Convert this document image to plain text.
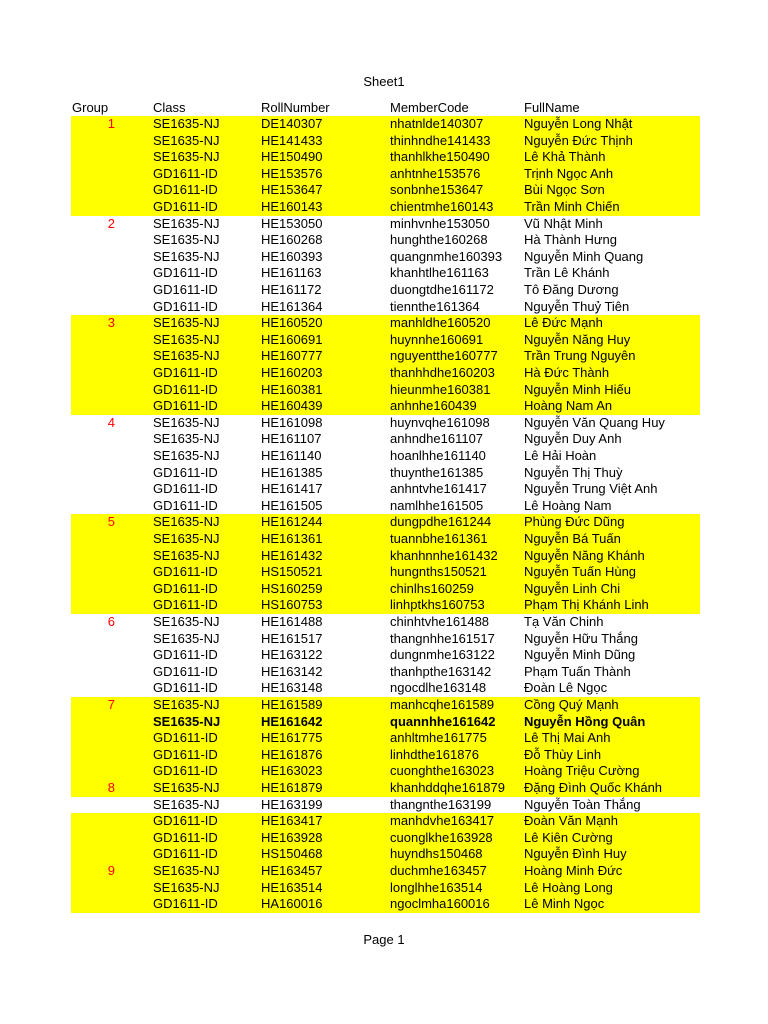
Sheet1
Group	Class	RollNumber	MemberCode	FullName
1	SE1635-NJ	DE140307	nhatnlde140307	Nguyễn Long Nhật
SE1635-NJ	HE141433	thinhndhe141433	Nguyễn Đức Thịnh
SE1635-NJ	HE150490	thanhlkhe150490	Lê Khả Thành
GD1611-ID	HE153576	anhtnhe153576	Trịnh Ngọc Anh
GD1611-ID	HE153647	sonbnhe153647	Bùi Ngọc Sơn
GD1611-ID	HE160143	chientmhe160143 Trần Minh Chiến
2	SE1635-NJ	HE153050	minhvnhe153050	Vũ Nhật Minh
SE1635-NJ	HE160268	hunghthe160268	Hà Thành Hưng
SE1635-NJ	HE160393	quangnmhe160393 Nguyễn Minh Quang
GD1611-ID	HE161163	khanhtlhe161163	Trần Lê Khánh
GD1611-ID	HE161172	duongtdhe161172 Tô Đăng Dương
GD1611-ID	HE161364	tiennthe161364	Nguyễn Thuỷ Tiên
3	SE1635-NJ	HE160520	manhldhe160520	Lê Đức Mạnh
SE1635-NJ	HE160691	huynnhe160691	Nguyễn Năng Huy
SE1635-NJ	HE160777	nguyentthe160777 Trần Trung Nguyên
GD1611-ID	HE160203	thanhhdhe160203 Hà Đức Thành
GD1611-ID	HE160381	hieunmhe160381	Nguyễn Minh Hiếu
GD1611-ID	HE160439	anhnhe160439	Hoàng Nam An
4	SE1635-NJ	HE161098	huynvqhe161098	Nguyễn Văn Quang Huy
SE1635-NJ	HE161107	anhndhe161107	Nguyễn Duy Anh
SE1635-NJ	HE161140	hoanlhhe161140	Lê Hải Hoàn
GD1611-ID	HE161385	thuynthe161385	Nguyễn Thị Thuỳ
GD1611-ID	HE161417	anhntvhe161417	Nguyễn Trung Việt Anh
GD1611-ID	HE161505	namlhhe161505	Lê Hoàng Nam
5	SE1635-NJ	HE161244	dungpdhe161244	Phùng Đức Dũng
SE1635-NJ	HE161361	tuannbhe161361	Nguyễn Bá Tuấn
SE1635-NJ	HE161432	khanhnnhe161432 Nguyễn Năng Khánh
GD1611-ID	HS150521	hungnths150521	Nguyễn Tuấn Hùng
GD1611-ID	HS160259	chinlhs160259	Nguyễn Linh Chi
GD1611-ID	HS160753	linhptkhs160753	Phạm Thị Khánh Linh
6	SE1635-NJ	HE161488	chinhtvhe161488	Tạ Văn Chinh
SE1635-NJ	HE161517	thangnhhe161517 Nguyễn Hữu Thắng
GD1611-ID	HE163122	dungnmhe163122 Nguyễn Minh Dũng
GD1611-ID	HE163142	thanhpthe163142	Phạm Tuấn Thành
GD1611-ID	HE163148	ngocdlhe163148	Đoàn Lê Ngọc
7	SE1635-NJ	HE161589	manhcqhe161589 Cồng Quý Mạnh
SE1635-NJ	HE161642	quannhhe161642 Nguyễn Hồng Quân
GD1611-ID	HE161775	anhltmhe161775	Lê Thị Mai Anh
GD1611-ID	HE161876	linhdthe161876	Đỗ Thùy Linh
GD1611-ID	HE163023	cuonghthe163023 Hoàng Triệu Cường
8	SE1635-NJ	HE161879	khanhddqhe161879 Đặng Đình Quốc Khánh
SE1635-NJ	HE163199	thangnthe163199	Nguyễn Toàn Thắng
GD1611-ID	HE163417	manhdvhe163417 Đoàn Văn Mạnh
GD1611-ID	HE163928	cuonglkhe163928 Lê Kiên Cường
GD1611-ID	HS150468	huyndhs150468	Nguyễn Đình Huy
9	SE1635-NJ	HE163457	duchmhe163457	Hoàng Minh Đức
SE1635-NJ	HE163514	longlhhe163514	Lê Hoàng Long
GD1611-ID	HA160016	ngoclmha160016	Lê Minh Ngọc
Page 1
